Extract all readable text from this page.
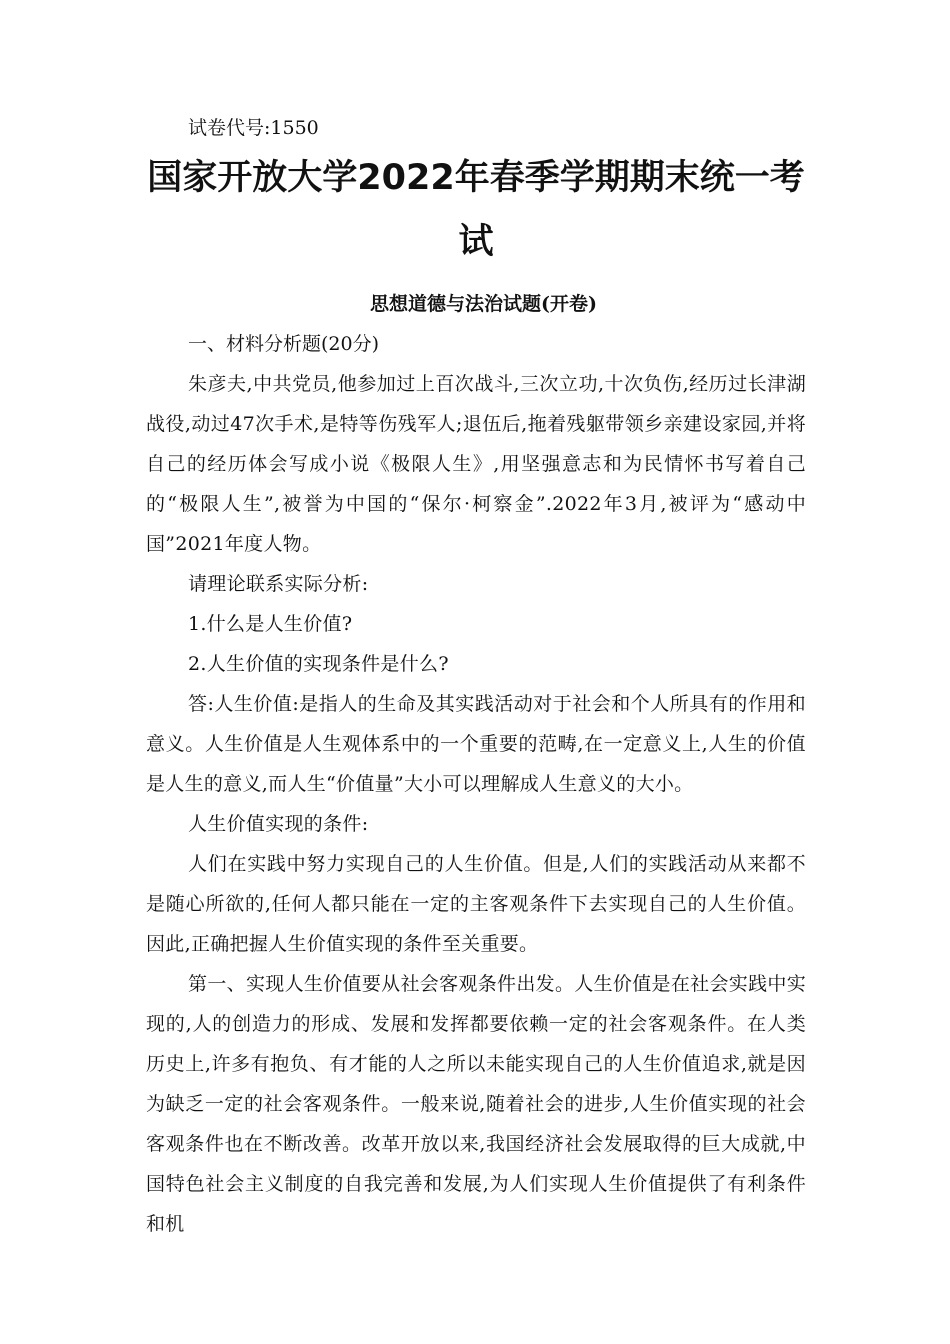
试卷代号:1550
国家开放大学2022年春季学期期末统一考试
思想道德与法治试题(开卷)

一、材料分析题(20分)

朱彦夫,中共党员,他参加过上百次战斗,三次立功,十次负伤,经历过长津湖战役,动过47次手术,是特等伤残军人;退伍后,拖着残躯带领乡亲建设家园,并将自己的经历体会写成小说《极限人生》,用坚强意志和为民情怀书写着自己的“极限人生”,被誉为中国的“保尔·柯察金”.2022年3月,被评为“感动中国”2021年度人物。

请理论联系实际分析:

1.什么是人生价值?

2.人生价值的实现条件是什么?

答:人生价值:是指人的生命及其实践活动对于社会和个人所具有的作用和意义。人生价值是人生观体系中的一个重要的范畴,在一定意义上,人生的价值是人生的意义,而人生“价值量”大小可以理解成人生意义的大小。

人生价值实现的条件:

人们在实践中努力实现自己的人生价值。但是,人们的实践活动从来都不是随心所欲的,任何人都只能在一定的主客观条件下去实现自己的人生价值。因此,正确把握人生价值实现的条件至关重要。

第一、实现人生价值要从社会客观条件出发。人生价值是在社会实践中实现的,人的创造力的形成、发展和发挥都要依赖一定的社会客观条件。在人类历史上,许多有抱负、有才能的人之所以未能实现自己的人生价值追求,就是因为缺乏一定的社会客观条件。一般来说,随着社会的进步,人生价值实现的社会客观条件也在不断改善。改革开放以来,我国经济社会发展取得的巨大成就,中国特色社会主义制度的自我完善和发展,为人们实现人生价值提供了有利条件和机
